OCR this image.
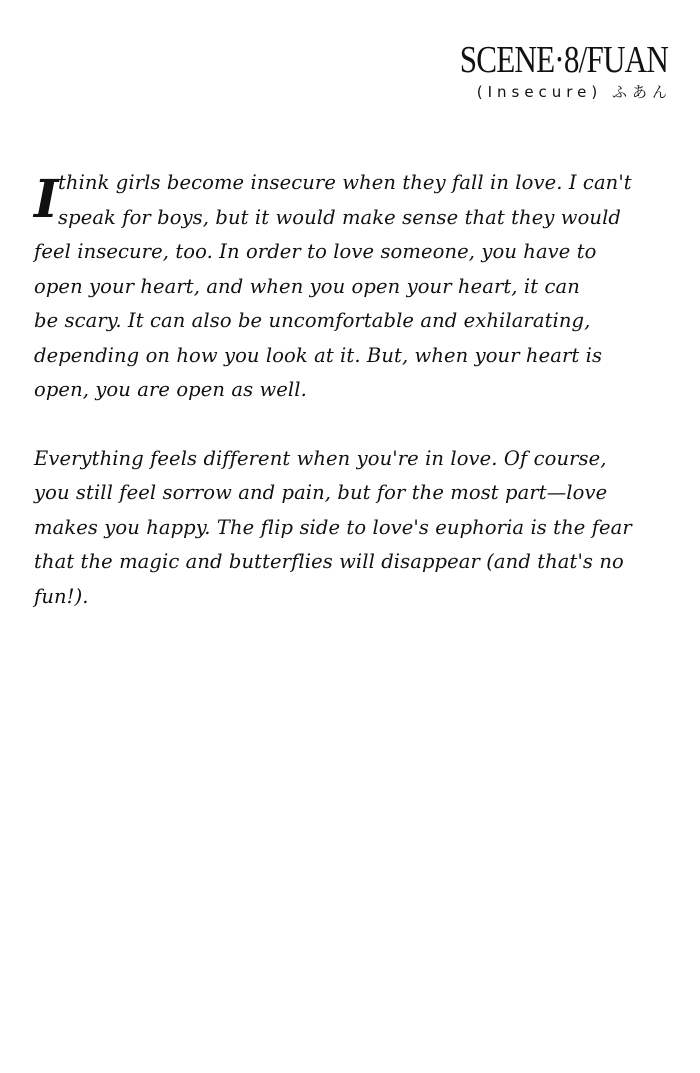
SCENE·8/FUAN
(Insecure) ふあん
I think girls become insecure when they fall in love. I can't
speak for boys, but it would make sense that they would
feel insecure, too. In order to love someone, you have to
open your heart, and when you open your heart, it can
be scary. It can also be uncomfortable and exhilarating,
depending on how you look at it. But, when your heart is
open, you are open as well.
Everything feels different when you're in love. Of course,
you still feel sorrow and pain, but for the most part—love
makes you happy. The flip side to love's euphoria is the fear
that the magic and butterflies will disappear (and that's no
fun!).
